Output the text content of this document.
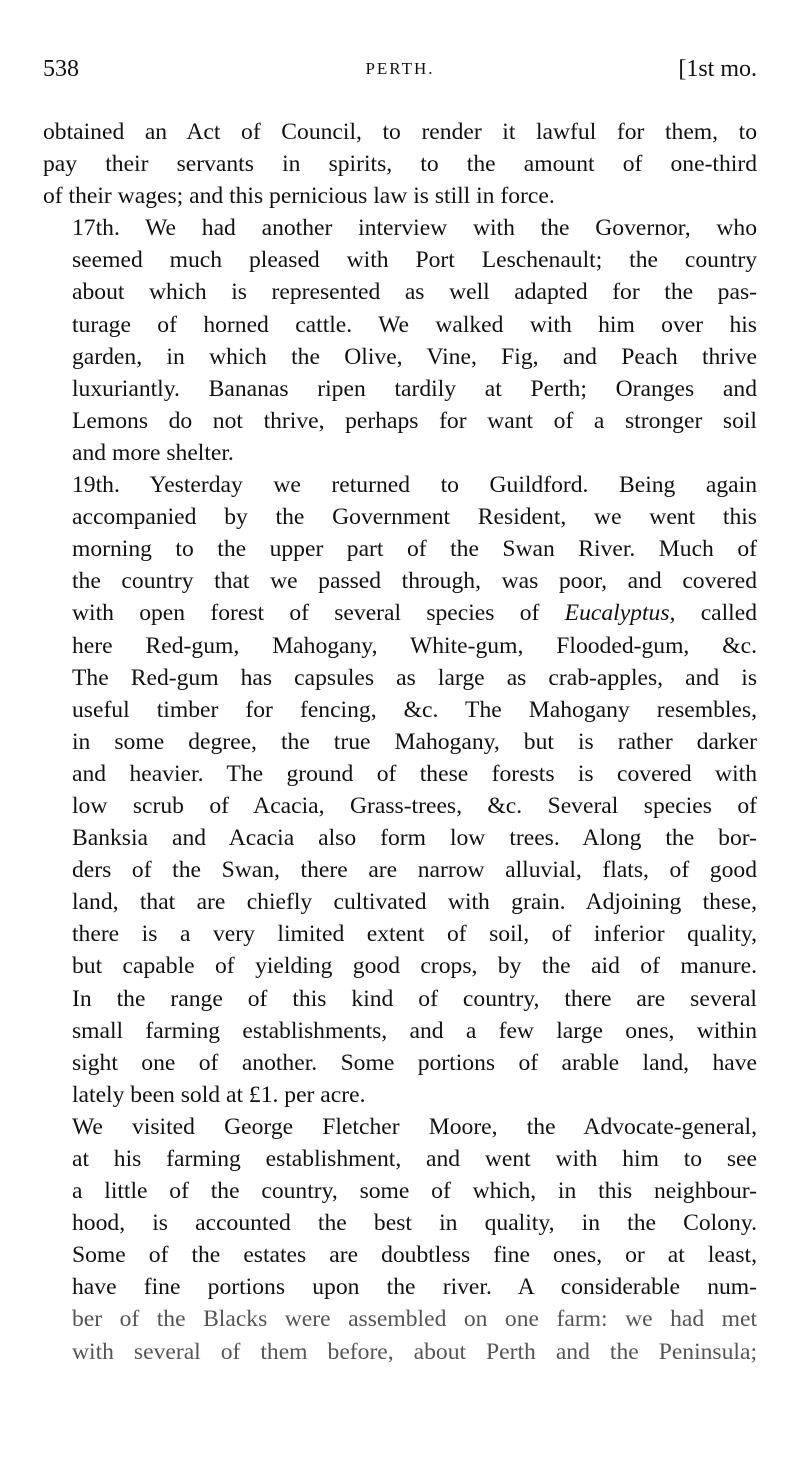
538	PERTH.	[1st mo.

obtained an Act of Council, to render it lawful for them, to
pay their servants in spirits, to the amount of one-third
of their wages; and this pernicious law is still in force.

17th. We had another interview with the Governor, who
seemed much pleased with Port Leschenault; the country
about which is represented as well adapted for the pas-
turage of horned cattle. We walked with him over his
garden, in which the Olive, Vine, Fig, and Peach thrive
luxuriantly. Bananas ripen tardily at Perth; Oranges and
Lemons do not thrive, perhaps for want of a stronger soil
and more shelter.

19th. Yesterday we returned to Guildford. Being again
accompanied by the Government Resident, we went this
morning to the upper part of the Swan River. Much of
the country that we passed through, was poor, and covered
with open forest of several species of Eucalyptus, called
here Red-gum, Mahogany, White-gum, Flooded-gum, &c.
The Red-gum has capsules as large as crab-apples, and is
useful timber for fencing, &c. The Mahogany resembles,
in some degree, the true Mahogany, but is rather darker
and heavier. The ground of these forests is covered with
low scrub of Acacia, Grass-trees, &c. Several species of
Banksia and Acacia also form low trees. Along the bor-
ders of the Swan, there are narrow alluvial, flats, of good
land, that are chiefly cultivated with grain. Adjoining these,
there is a very limited extent of soil, of inferior quality,
but capable of yielding good crops, by the aid of manure.
In the range of this kind of country, there are several
small farming establishments, and a few large ones, within
sight one of another. Some portions of arable land, have
lately been sold at £1. per acre.

We visited George Fletcher Moore, the Advocate-general,
at his farming establishment, and went with him to see
a little of the country, some of which, in this neighbour-
hood, is accounted the best in quality, in the Colony.
Some of the estates are doubtless fine ones, or at least,
have fine portions upon the river. A considerable num-
ber of the Blacks were assembled on one farm: we had met
with several of them before, about Perth and the Peninsula;
